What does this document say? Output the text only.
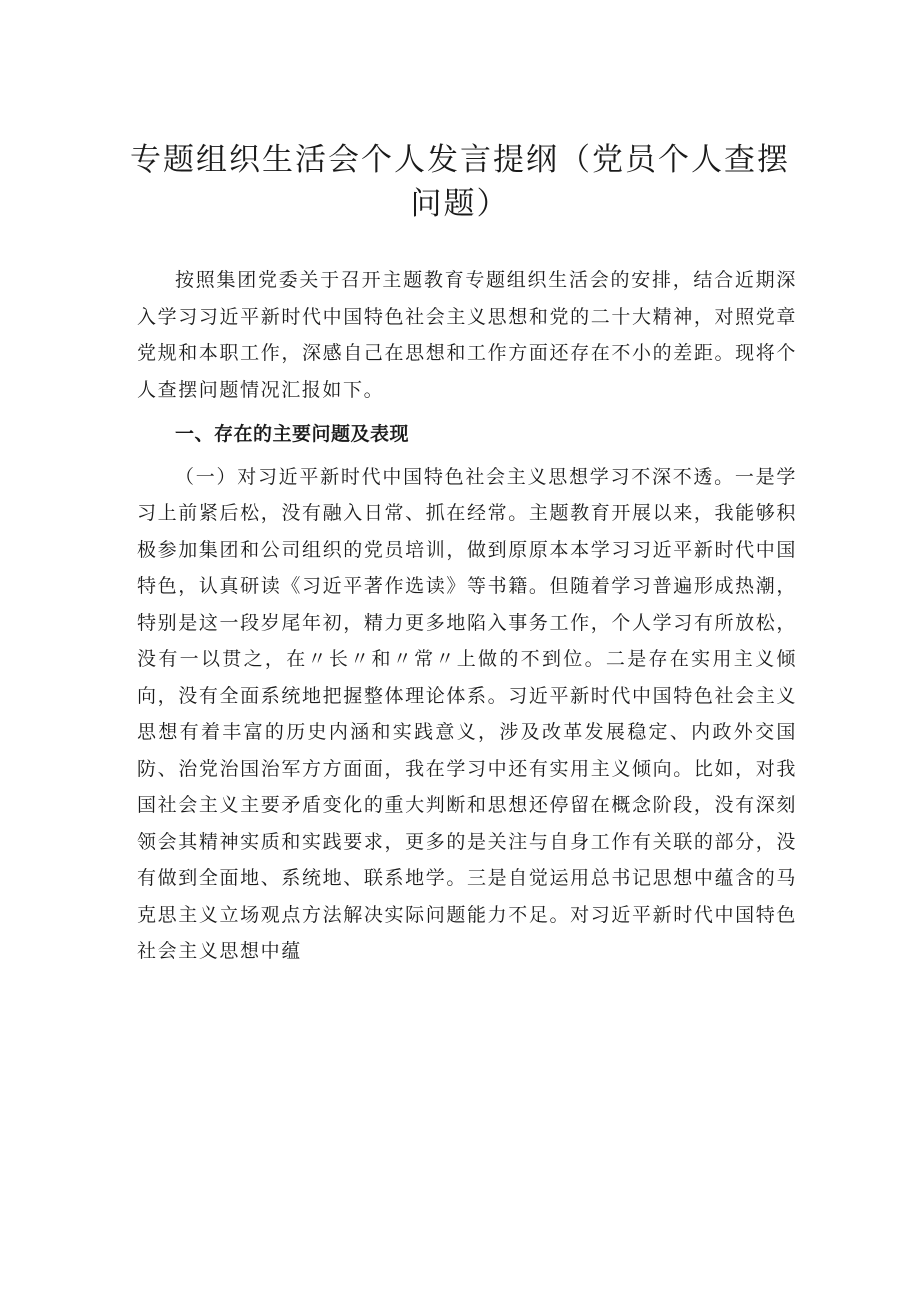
专题组织生活会个人发言提纲（党员个人查摆问题）

按照集团党委关于召开主题教育专题组织生活会的安排，结合近期深入学习习近平新时代中国特色社会主义思想和党的二十大精神，对照党章党规和本职工作，深感自己在思想和工作方面还存在不小的差距。现将个人查摆问题情况汇报如下。

一、存在的主要问题及表现

（一）对习近平新时代中国特色社会主义思想学习不深不透。一是学习上前紧后松，没有融入日常、抓在经常。主题教育开展以来，我能够积极参加集团和公司组织的党员培训，做到原原本本学习习近平新时代中国特色，认真研读《习近平著作选读》等书籍。但随着学习普遍形成热潮，特别是这一段岁尾年初，精力更多地陷入事务工作，个人学习有所放松，没有一以贯之，在〃长〃和〃常〃上做的不到位。二是存在实用主义倾向，没有全面系统地把握整体理论体系。习近平新时代中国特色社会主义思想有着丰富的历史内涵和实践意义，涉及改革发展稳定、内政外交国防、治党治国治军方方面面，我在学习中还有实用主义倾向。比如，对我国社会主义主要矛盾变化的重大判断和思想还停留在概念阶段，没有深刻领会其精神实质和实践要求，更多的是关注与自身工作有关联的部分，没有做到全面地、系统地、联系地学。三是自觉运用总书记思想中蕴含的马克思主义立场观点方法解决实际问题能力不足。对习近平新时代中国特色社会主义思想中蕴
